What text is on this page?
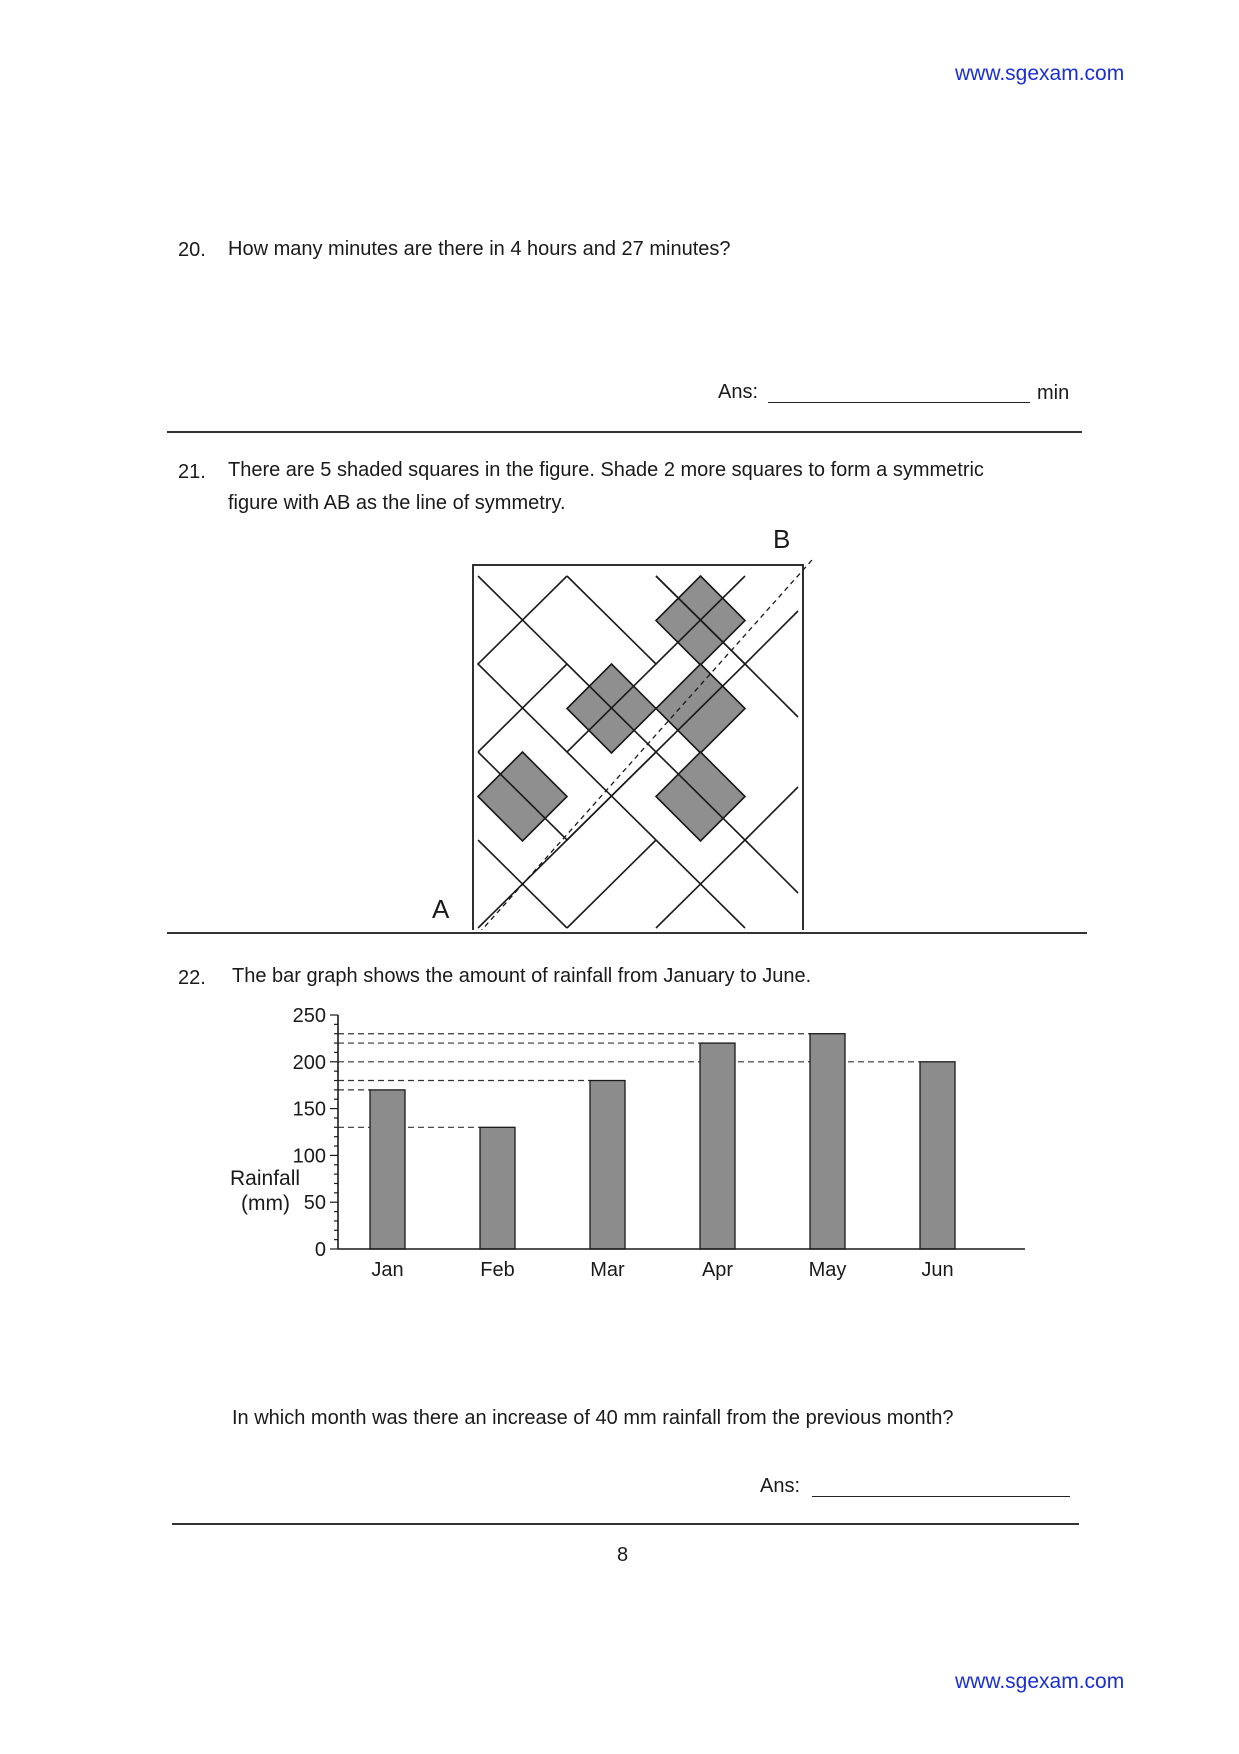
www.sgexam.com
20. How many minutes are there in 4 hours and 27 minutes?
Ans:	min
21. There are 5 shaded squares in the figure. Shade 2 more squares to form a symmetric
figure with AB as the line of symmetry.
A
B
22. The bar graph shows the amount of rainfall from January to June.
0
50
100
150
200
250
Jan	Feb	Mar	Apr	May	Jun
Rainfall
(mm)
In which month was there an increase of 40 mm rainfall from the previous month?
Ans:
8
www.sgexam.com
